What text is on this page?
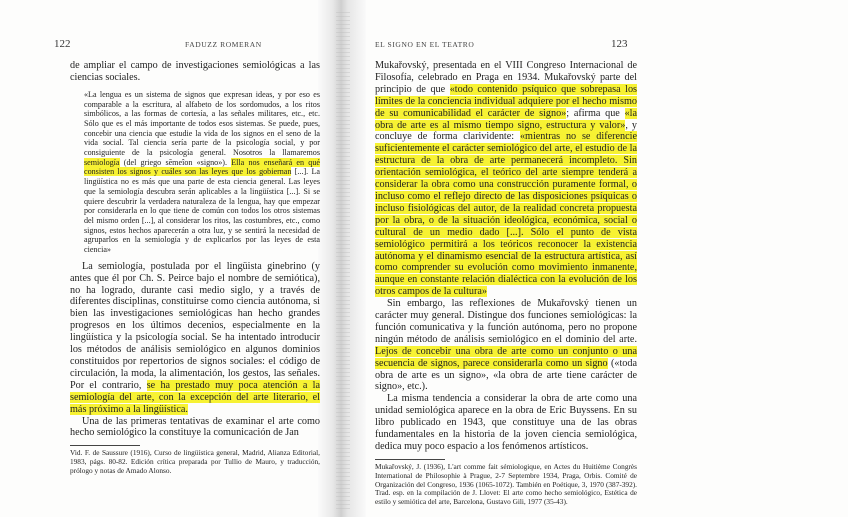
122	FADUZZ ROMERAN

de ampliar el campo de investigaciones semiológicas a las ciencias sociales.

«La lengua es un sistema de signos que expresan ideas, y por eso es comparable a la escritura, al alfabeto de los sordomudos, a los ritos simbólicos, a las formas de cortesía, a las señales militares, etc., etc. Sólo que es el más importante de todos esos sistemas. Se puede, pues, concebir una ciencia que estudie la vida de los signos en el seno de la vida social. Tal ciencia sería parte de la psicología social, y por consiguiente de la psicología general. Nosotros la llamaremos semiología (del griego sēmeîon «signo»). Ella nos enseñará en qué consisten los signos y cuáles son las leyes que los gobiernan [...]. La lingüística no es más que una parte de esta ciencia general. Las leyes que la semiología descubra serán aplicables a la lingüística [...]. Si se quiere descubrir la verdadera naturaleza de la lengua, hay que empezar por considerarla en lo que tiene de común con todos los otros sistemas del mismo orden [...], al considerar los ritos, las costumbres, etc., como signos, estos hechos aparecerán a otra luz, y se sentirá la necesidad de agruparlos en la semiología y de explicarlos por las leyes de esta ciencia»

La semiología, postulada por el lingüista ginebrino (y antes que él por Ch. S. Peirce bajo el nombre de semiótica), no ha logrado, durante casi medio siglo, y a través de diferentes disciplinas, constituirse como ciencia autónoma, si bien las investigaciones semiológicas han hecho grandes progresos en los últimos decenios, especialmente en la lingüística y la psicología social. Se ha intentado introducir los métodos de análisis semiológico en algunos dominios constituidos por repertorios de signos sociales: el código de circulación, la moda, la alimentación, los gestos, las señales. Por el contrario, se ha prestado muy poca atención a la semiología del arte, con la excepción del arte literario, el más próximo a la lingüística.

Una de las primeras tentativas de examinar el arte como hecho semiológico la constituye la comunicación de Jan

Vid. F. de Saussure (1916), Curso de lingüística general, Madrid, Alianza Editorial, 1983, págs. 80-82. Edición crítica preparada por Tullio de Mauro, y traducción, prólogo y notas de Amado Alonso.

EL SIGNO EN EL TEATRO	123

Mukařovský, presentada en el VIII Congreso Internacional de Filosofía, celebrado en Praga en 1934. Mukařovský parte del principio de que «todo contenido psíquico que sobrepasa los límites de la conciencia individual adquiere por el hecho mismo de su comunicabilidad el carácter de signo»; afirma que «la obra de arte es al mismo tiempo signo, estructura y valor», y concluye de forma clarividente: «mientras no se diferencie suficientemente el carácter semiológico del arte, el estudio de la estructura de la obra de arte permanecerá incompleto. Sin orientación semiológica, el teórico del arte siempre tenderá a considerar la obra como una construcción puramente formal, o incluso como el reflejo directo de las disposiciones psíquicas o incluso fisiológicas del autor, de la realidad concreta propuesta por la obra, o de la situación ideológica, económica, social o cultural de un medio dado [...]. Sólo el punto de vista semiológico permitirá a los teóricos reconocer la existencia autónoma y el dinamismo esencial de la estructura artística, así como comprender su evolución como movimiento inmanente, aunque en constante relación dialéctica con la evolución de los otros campos de la cultura»

Sin embargo, las reflexiones de Mukařovský tienen un carácter muy general. Distingue dos funciones semiológicas: la función comunicativa y la función autónoma, pero no propone ningún método de análisis semiológico en el dominio del arte. Lejos de concebir una obra de arte como un conjunto o una secuencia de signos, parece considerarla como un signo («toda obra de arte es un signo», «la obra de arte tiene carácter de signo», etc.).

La misma tendencia a considerar la obra de arte como una unidad semiológica aparece en la obra de Eric Buyssens. En su libro publicado en 1943, que constituye una de las obras fundamentales en la historia de la joven ciencia semiológica, dedica muy poco espacio a los fenómenos artísticos.

Mukařovský, J. (1936), L'art comme fait sémiologique, en Actes du Huitième Congrès International de Philosophie à Prague, 2-7 Septembre 1934, Praga, Orbis. Comité de Organización del Congreso, 1936 (1065-1072). También en Poétique, 3, 1970 (387-392). Trad. esp. en la compilación de J. Llovet: El arte como hecho semiológico, Estética de estilo y semiótica del arte, Barcelona, Gustavo Gili, 1977 (35-43).
